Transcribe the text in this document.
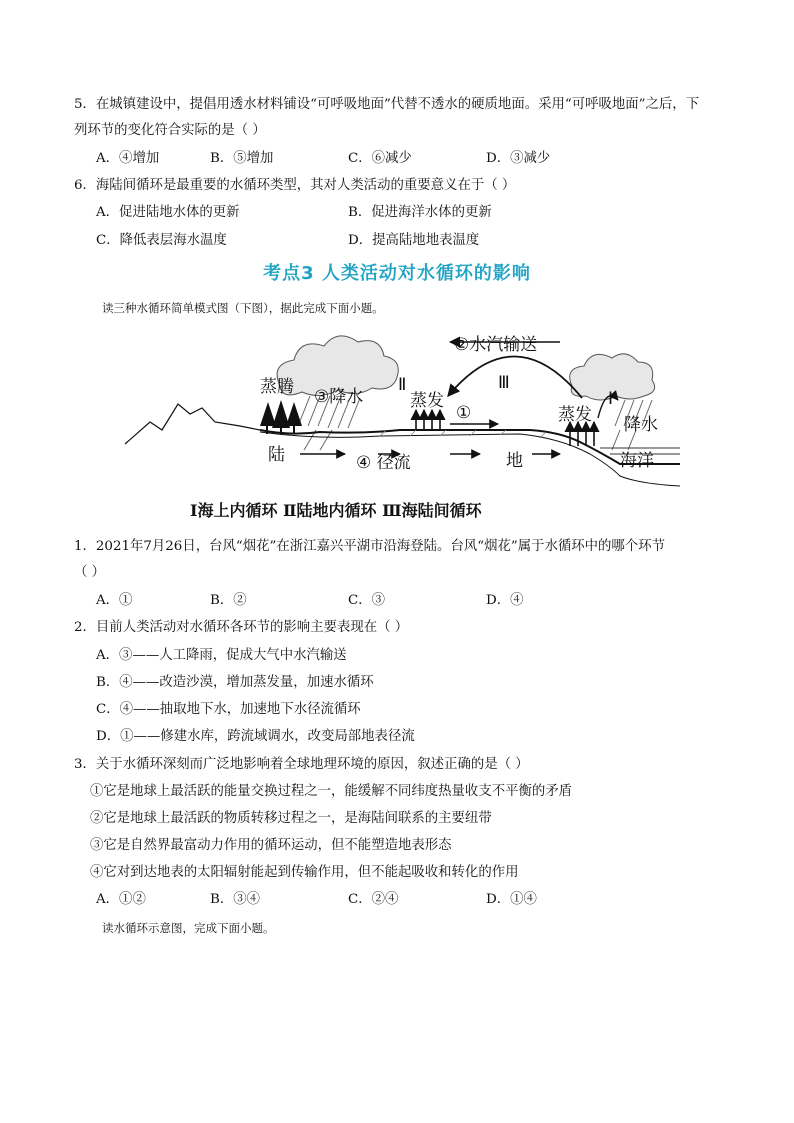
5．在城镇建设中，提倡用透水材料铺设“可呼吸地面”代替不透水的硬质地面。采用“可呼吸地面”之后，下
列环节的变化符合实际的是（ ）
A．④增加	B．⑤增加	C．⑥减少	D．③减少
6．海陆间循环是最重要的水循环类型，其对人类活动的重要意义在于（ ）
A．促进陆地水体的更新	B．促进海洋水体的更新
C．降低表层海水温度	D．提高陆地地表温度
考点3 人类活动对水循环的影响
读三种水循环简单模式图（下图），据此完成下面小题。
②水汽输送
蒸腾 ③降水
Ⅱ
蒸发
①
Ⅲ
蒸发
Ⅰ
降水
陆	④ 径流	地	海洋
Ⅰ海上内循环 Ⅱ陆地内循环 Ⅲ海陆间循环
1．2021年7月26日，台风“烟花”在浙江嘉兴平湖市沿海登陆。台风“烟花”属于水循环中的哪个环节
（ ）
A．①	B．②	C．③	D．④
2．目前人类活动对水循环各环节的影响主要表现在（ ）
A．③——人工降雨，促成大气中水汽输送
B．④——改造沙漠，增加蒸发量，加速水循环
C．④——抽取地下水，加速地下水径流循环
D．①——修建水库，跨流域调水，改变局部地表径流
3．关于水循环深刻而广泛地影响着全球地理环境的原因，叙述正确的是（ ）
①它是地球上最活跃的能量交换过程之一，能缓解不同纬度热量收支不平衡的矛盾
②它是地球上最活跃的物质转移过程之一，是海陆间联系的主要纽带
③它是自然界最富动力作用的循环运动，但不能塑造地表形态
④它对到达地表的太阳辐射能起到传输作用，但不能起吸收和转化的作用
A．①②	B．③④	C．②④	D．①④
读水循环示意图，完成下面小题。
